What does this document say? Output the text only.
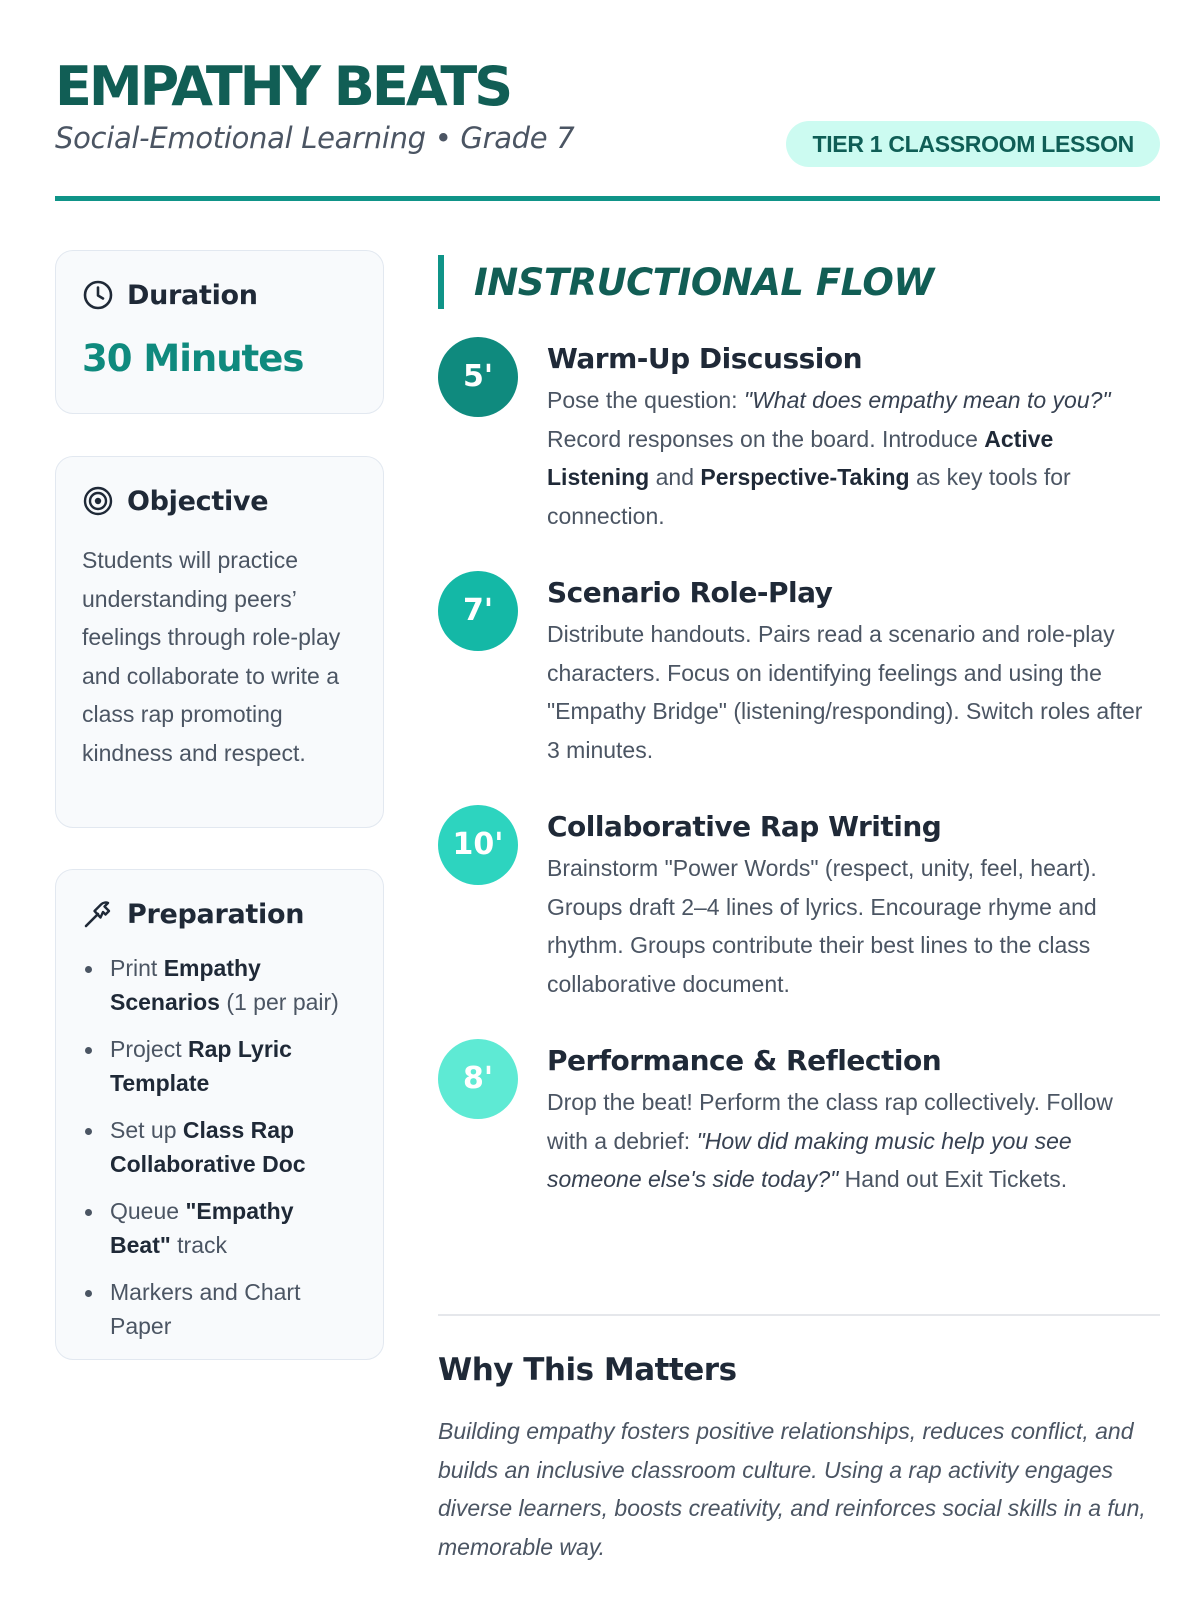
EMPATHY BEATS
Social-Emotional Learning • Grade 7	TIER 1 CLASSROOM LESSON
Duration
30 Minutes
Objective
Students will practice understanding peers’ feelings through role-play and collaborate to write a class rap promoting kindness and respect.
Preparation
Print Empathy Scenarios (1 per pair)
Project Rap Lyric Template
Set up Class Rap Collaborative Doc
Queue "Empathy Beat" track
Markers and Chart Paper
INSTRUCTIONAL FLOW
5'
Warm-Up Discussion
Pose the question: "What does empathy mean to you?" Record responses on the board. Introduce Active Listening and Perspective-Taking as key tools for connection.
7'
Scenario Role-Play
Distribute handouts. Pairs read a scenario and role-play characters. Focus on identifying feelings and using the "Empathy Bridge" (listening/responding). Switch roles after 3 minutes.
10'
Collaborative Rap Writing
Brainstorm "Power Words" (respect, unity, feel, heart). Groups draft 2–4 lines of lyrics. Encourage rhyme and rhythm. Groups contribute their best lines to the class collaborative document.
8'
Performance & Reflection
Drop the beat! Perform the class rap collectively. Follow with a debrief: "How did making music help you see someone else's side today?" Hand out Exit Tickets.
Why This Matters
Building empathy fosters positive relationships, reduces conflict, and builds an inclusive classroom culture. Using a rap activity engages diverse learners, boosts creativity, and reinforces social skills in a fun, memorable way.
